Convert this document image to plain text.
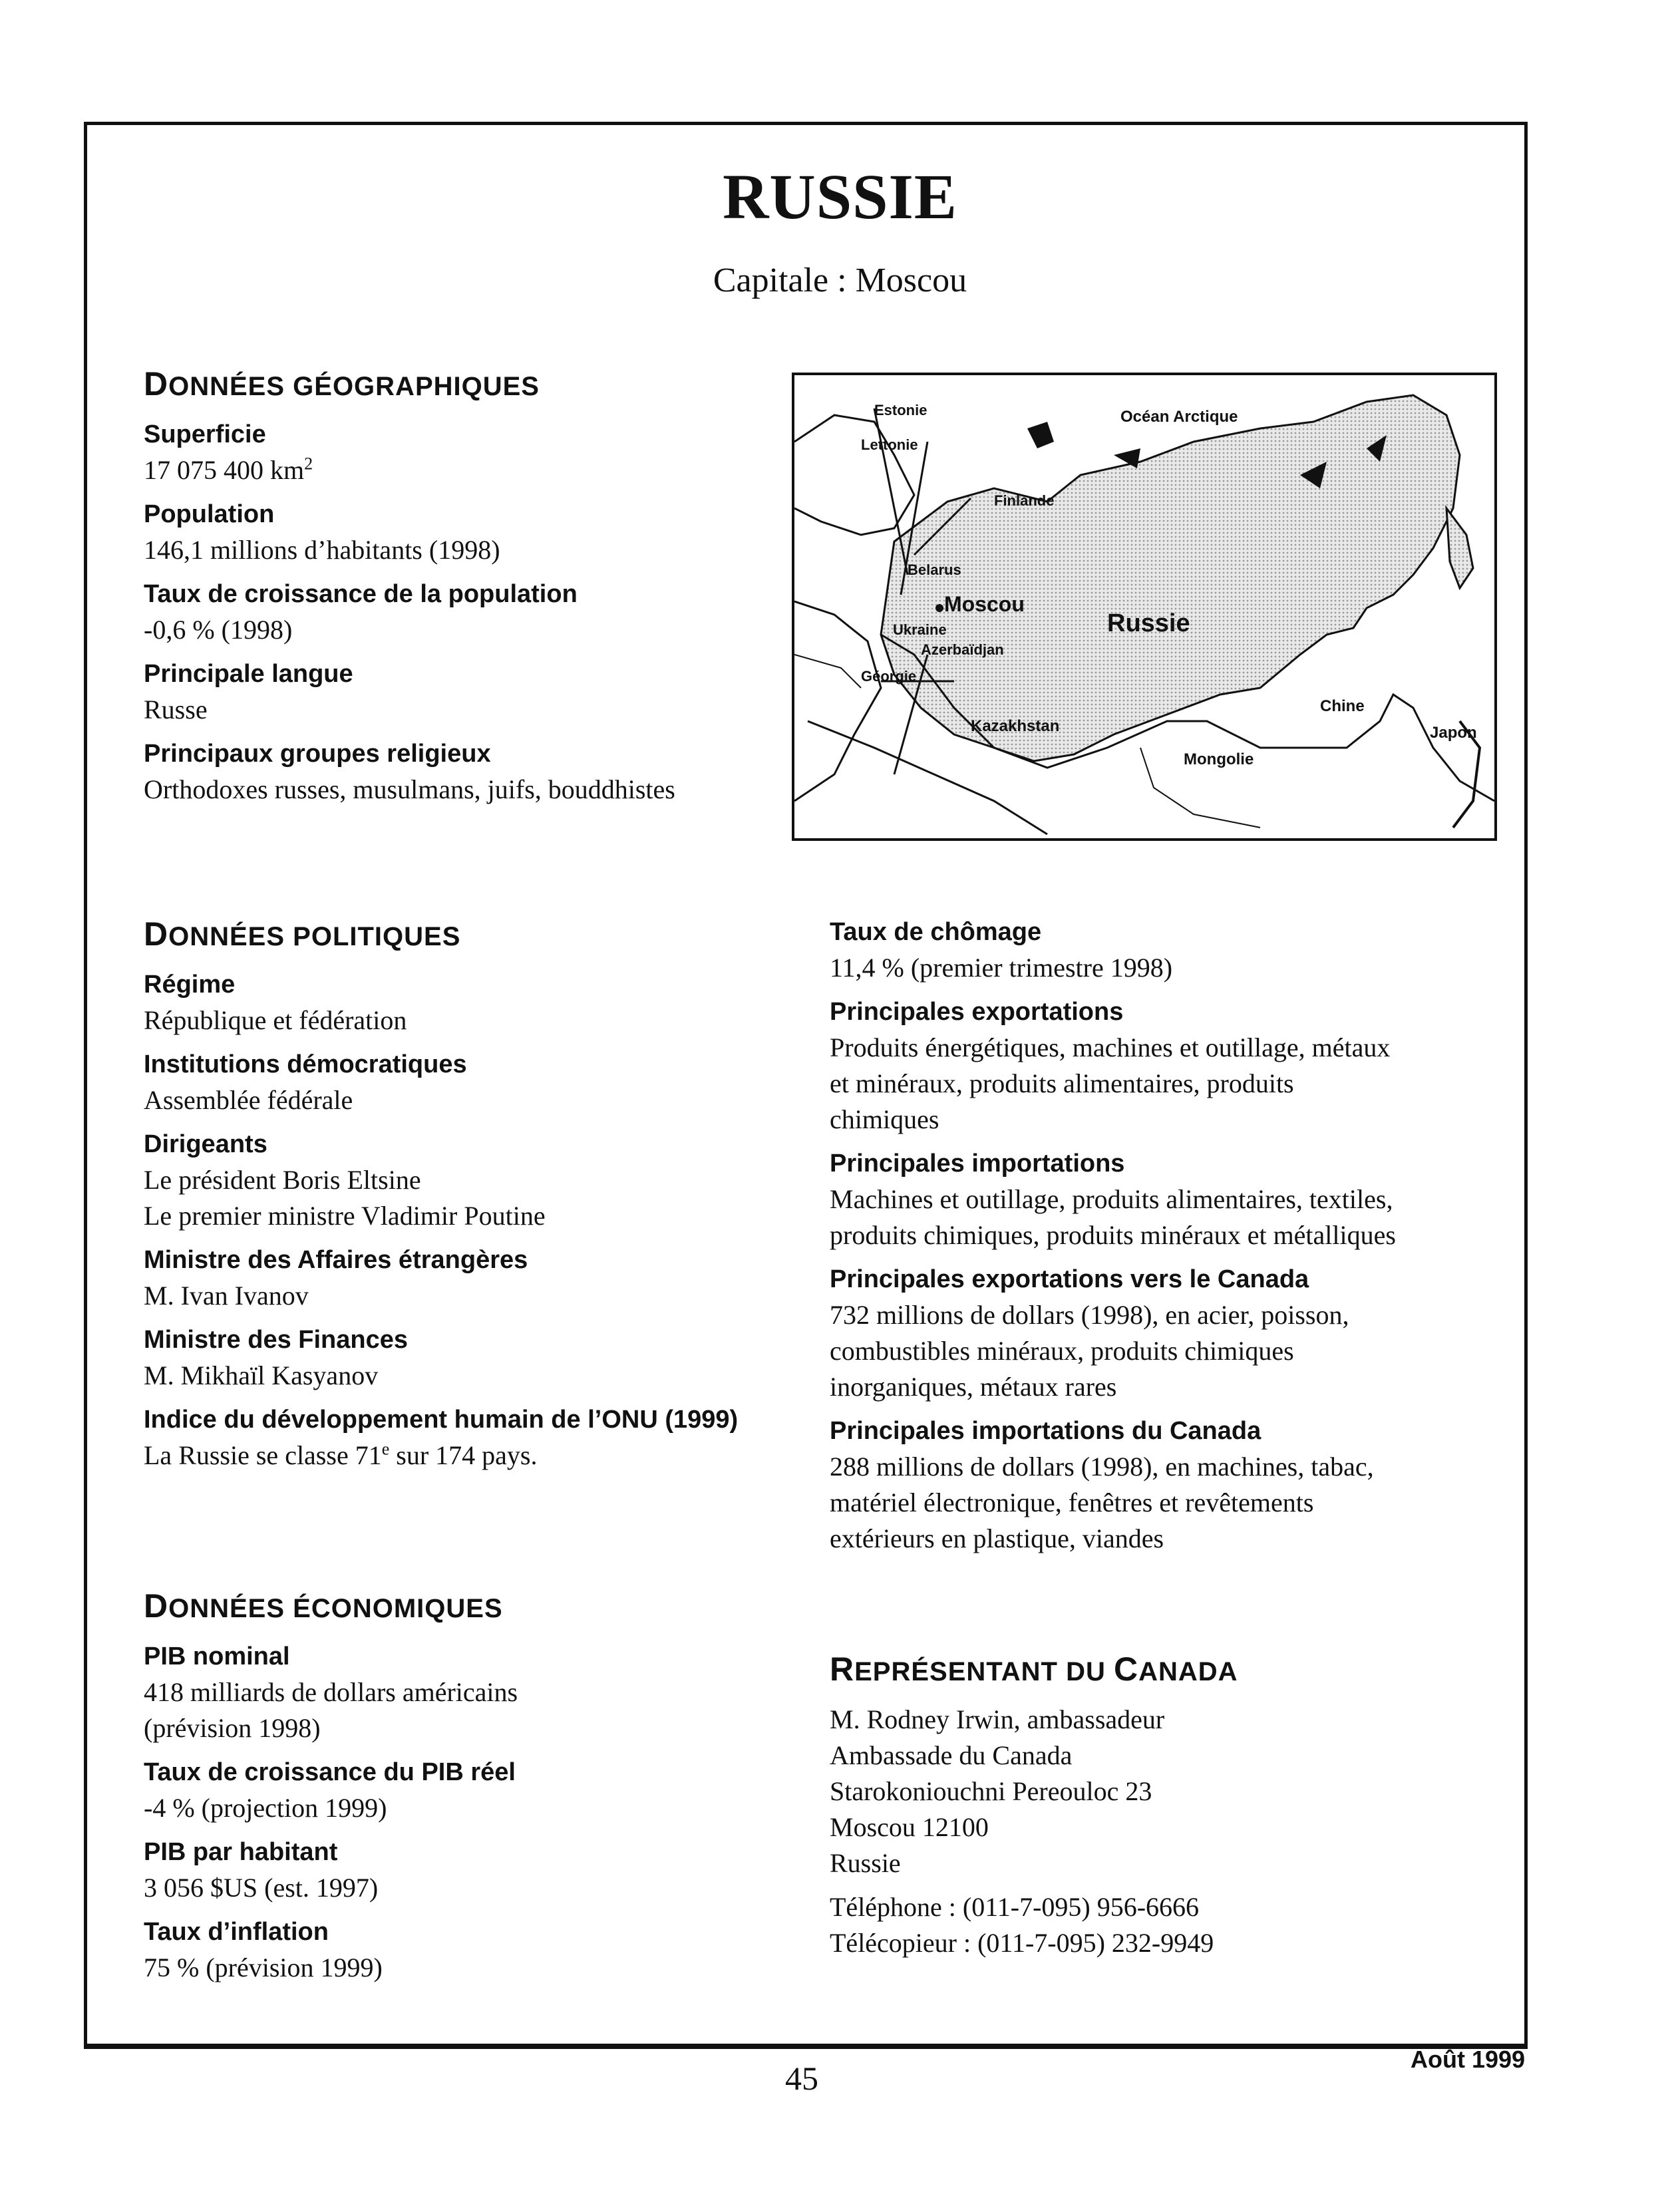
RUSSIE
Capitale : Moscou
DONNÉES GÉOGRAPHIQUES
Superficie
17 075 400 $km^2$
Population
146,1 millions d’habitants (1998)
Taux de croissance de la population
-0,6 % (1998)
Principale langue
Russe
Principaux groupes religieux
Orthodoxes russes, musulmans, juifs, bouddhistes
Estonie
Lettonie
Finlande
Océan Arctique
Belarus
Moscou
Ukraine
Azerbaïdjan
Géorgie
Russie
Kazakhstan
Mongolie
Chine
Japon
DONNÉES POLITIQUES
Régime
République et fédération
Institutions démocratiques
Assemblée fédérale
Dirigeants
Le président Boris Eltsine
Le premier ministre Vladimir Poutine
Ministre des Affaires étrangères
M. Ivan Ivanov
Ministre des Finances
M. Mikhaïl Kasyanov
Indice du développement humain de l’ONU (1999)
La Russie se classe 71e sur 174 pays.
DONNÉES ÉCONOMIQUES
PIB nominal
418 milliards de dollars américains
(prévision 1998)
Taux de croissance du PIB réel
-4 % (projection 1999)
PIB par habitant
3 056 $US (est. 1997)
Taux d’inflation
75 % (prévision 1999)
Taux de chômage
11,4 % (premier trimestre 1998)
Principales exportations
Produits énergétiques, machines et outillage, métaux
et minéraux, produits alimentaires, produits
chimiques
Principales importations
Machines et outillage, produits alimentaires, textiles,
produits chimiques, produits minéraux et métalliques
Principales exportations vers le Canada
732 millions de dollars (1998), en acier, poisson,
combustibles minéraux, produits chimiques
inorganiques, métaux rares
Principales importations du Canada
288 millions de dollars (1998), en machines, tabac,
matériel électronique, fenêtres et revêtements
extérieurs en plastique, viandes
REPRÉSENTANT DU CANADA
M. Rodney Irwin, ambassadeur
Ambassade du Canada
Starokoniouchni Pereouloc 23
Moscou 12100
Russie
Téléphone : (011-7-095) 956-6666
Télécopieur : (011-7-095) 232-9949
45
Août 1999
